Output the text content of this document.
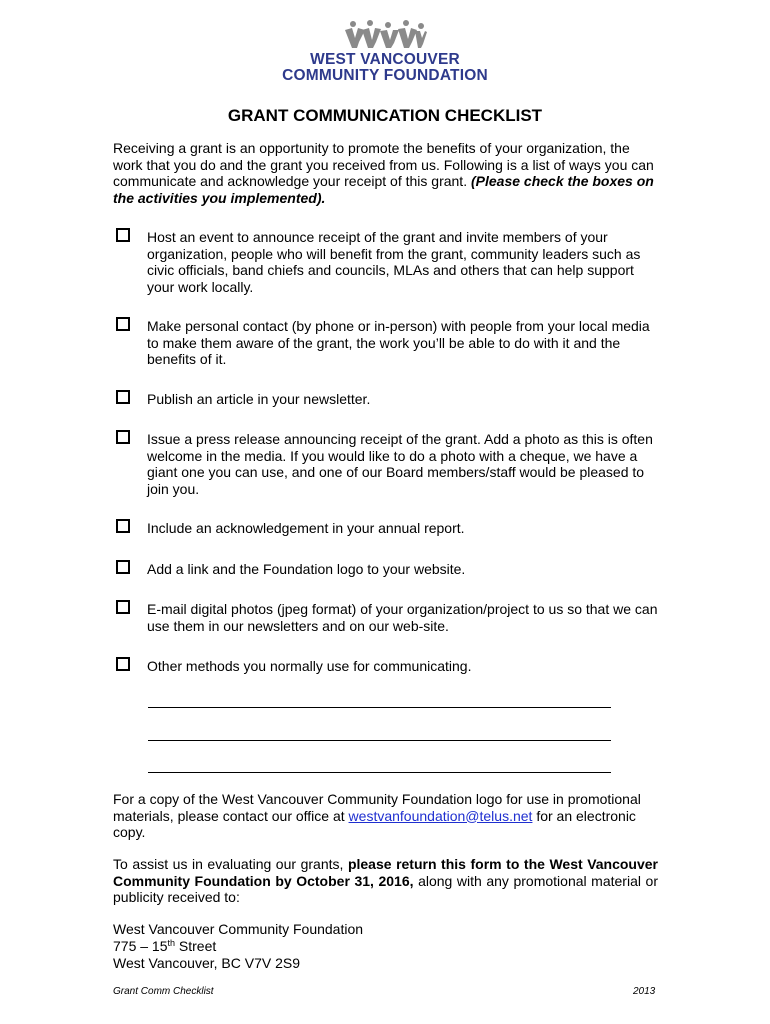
WEST VANCOUVER
COMMUNITY FOUNDATION
GRANT COMMUNICATION CHECKLIST
Receiving a grant is an opportunity to promote the benefits of your organization, the work that you do and the grant you received from us. Following is a list of ways you can communicate and acknowledge your receipt of this grant. (Please check the boxes on the activities you implemented).
Host an event to announce receipt of the grant and invite members of your organization, people who will benefit from the grant, community leaders such as civic officials, band chiefs and councils, MLAs and others that can help support your work locally.
Make personal contact (by phone or in-person) with people from your local media to make them aware of the grant, the work you’ll be able to do with it and the benefits of it.
Publish an article in your newsletter.
Issue a press release announcing receipt of the grant. Add a photo as this is often welcome in the media. If you would like to do a photo with a cheque, we have a giant one you can use, and one of our Board members/staff would be pleased to join you.
Include an acknowledgement in your annual report.
Add a link and the Foundation logo to your website.
E-mail digital photos (jpeg format) of your organization/project to us so that we can use them in our newsletters and on our web-site.
Other methods you normally use for communicating.
For a copy of the West Vancouver Community Foundation logo for use in promotional materials, please contact our office at westvanfoundation@telus.net for an electronic copy.
To assist us in evaluating our grants, please return this form to the West Vancouver Community Foundation by October 31, 2016, along with any promotional material or publicity received to:
West Vancouver Community Foundation
775 – 15th Street
West Vancouver, BC V7V 2S9
Grant Comm Checklist	2013
